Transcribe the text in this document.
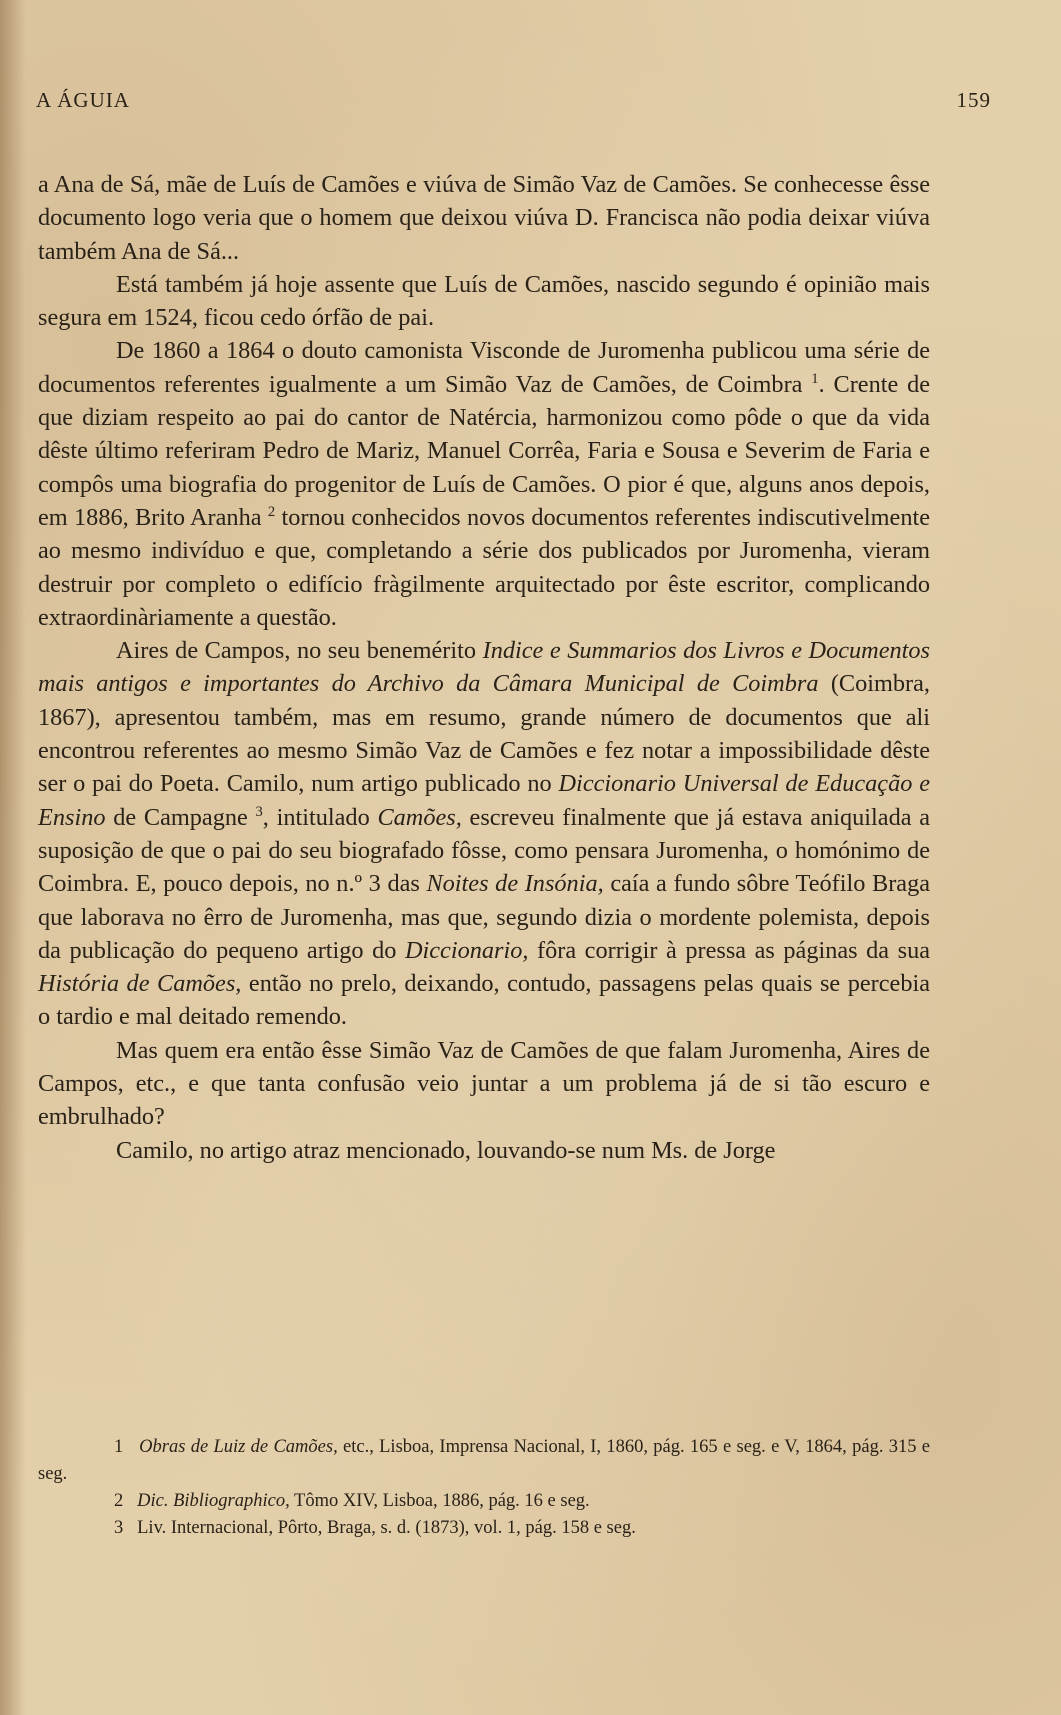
A ÁGUIA	159

a Ana de Sá, mãe de Luís de Camões e viúva de Simão Vaz de Camões. Se conhecesse êsse documento logo veria que o homem que deixou viúva D. Francisca não podia deixar viúva também Ana de Sá...

Está também já hoje assente que Luís de Camões, nascido segundo é opinião mais segura em 1524, ficou cedo órfão de pai.

De 1860 a 1864 o douto camonista Visconde de Juromenha publicou uma série de documentos referentes igualmente a um Simão Vaz de Camões, de Coimbra $^1$. Crente de que diziam respeito ao pai do cantor de Natércia, harmonizou como pôde o que da vida dêste último referiram Pedro de Mariz, Manuel Corrêa, Faria e Sousa e Severim de Faria e compôs uma biografia do progenitor de Luís de Camões. O pior é que, alguns anos depois, em 1886, Brito Aranha $^2$ tornou conhecidos novos documentos referentes indiscutivelmente ao mesmo indivíduo e que, completando a série dos publicados por Juromenha, vieram destruir por completo o edifício fràgilmente arquitectado por êste escritor, complicando extraordinàriamente a questão.

Aires de Campos, no seu benemérito Indice e Summarios dos Livros e Documentos mais antigos e importantes do Archivo da Câmara Municipal de Coimbra (Coimbra, 1867), apresentou também, mas em resumo, grande número de documentos que ali encontrou referentes ao mesmo Simão Vaz de Camões e fez notar a impossibilidade dêste ser o pai do Poeta. Camilo, num artigo publicado no Diccionario Universal de Educação e Ensino de Campagne $^3$, intitulado Camões, escreveu finalmente que já estava aniquilada a suposição de que o pai do seu biografado fôsse, como pensara Juromenha, o homónimo de Coimbra. E, pouco depois, no n.º 3 das Noites de Insónia, caía a fundo sôbre Teófilo Braga que laborava no êrro de Juromenha, mas que, segundo dizia o mordente polemista, depois da publicação do pequeno artigo do Diccionario, fôra corrigir à pressa as páginas da sua História de Camões, então no prelo, deixando, contudo, passagens pelas quais se percebia o tardio e mal deitado remendo.

Mas quem era então êsse Simão Vaz de Camões de que falam Juromenha, Aires de Campos, etc., e que tanta confusão veio juntar a um problema já de si tão escuro e embrulhado?

Camilo, no artigo atraz mencionado, louvando-se num Ms. de Jorge

1 Obras de Luiz de Camões, etc., Lisboa, Imprensa Nacional, I, 1860, pág. 165 e seg. e V, 1864, pág. 315 e seg.

2 Dic. Bibliographico, Tômo XIV, Lisboa, 1886, pág. 16 e seg.

3 Liv. Internacional, Pôrto, Braga, s. d. (1873), vol. 1, pág. 158 e seg.
